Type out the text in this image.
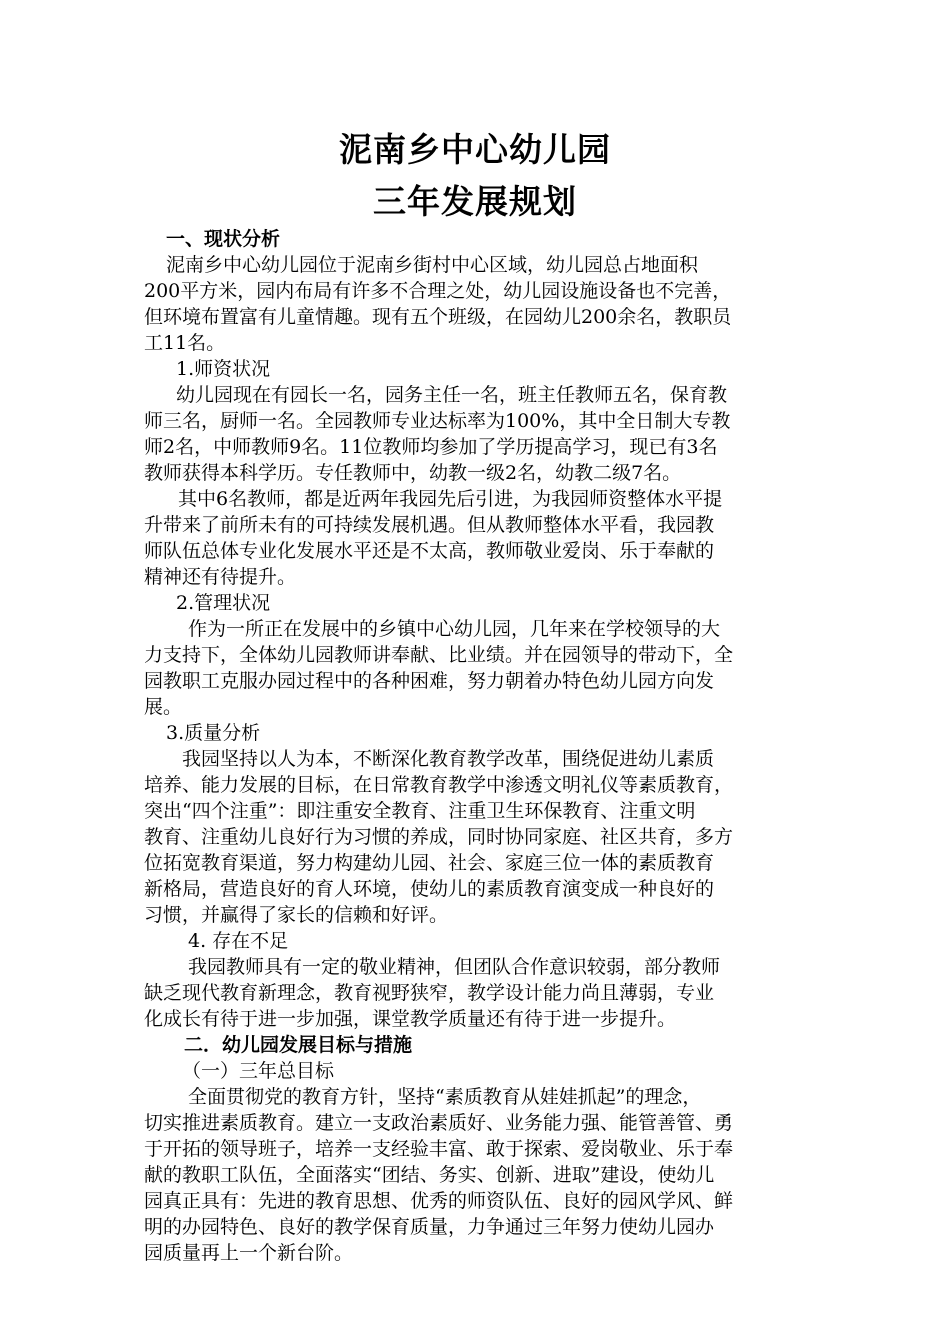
泥南乡中心幼儿园
三年发展规划
一、现状分析
泥南乡中心幼儿园位于泥南乡街村中心区域，幼儿园总占地面积
200平方米，园内布局有许多不合理之处，幼儿园设施设备也不完善，
但环境布置富有儿童情趣。现有五个班级，在园幼儿200余名，教职员
工11名。
1.师资状况
幼儿园现在有园长一名，园务主任一名，班主任教师五名，保育教
师三名，厨师一名。全园教师专业达标率为100%，其中全日制大专教
师2名，中师教师9名。11位教师均参加了学历提高学习，现已有3名
教师获得本科学历。专任教师中，幼教一级2名，幼教二级7名。
其中6名教师，都是近两年我园先后引进，为我园师资整体水平提
升带来了前所未有的可持续发展机遇。但从教师整体水平看，我园教
师队伍总体专业化发展水平还是不太高，教师敬业爱岗、乐于奉献的
精神还有待提升。
2.管理状况
作为一所正在发展中的乡镇中心幼儿园，几年来在学校领导的大
力支持下，全体幼儿园教师讲奉献、比业绩。并在园领导的带动下，全
园教职工克服办园过程中的各种困难，努力朝着办特色幼儿园方向发
展。
3.质量分析
我园坚持以人为本，不断深化教育教学改革，围绕促进幼儿素质
培养、能力发展的目标，在日常教育教学中渗透文明礼仪等素质教育，
突出“四个注重”：即注重安全教育、注重卫生环保教育、注重文明
教育、注重幼儿良好行为习惯的养成，同时协同家庭、社区共育，多方
位拓宽教育渠道，努力构建幼儿园、社会、家庭三位一体的素质教育
新格局，营造良好的育人环境，使幼儿的素质教育演变成一种良好的
习惯，并赢得了家长的信赖和好评。
4. 存在不足
我园教师具有一定的敬业精神，但团队合作意识较弱，部分教师
缺乏现代教育新理念，教育视野狭窄，教学设计能力尚且薄弱，专业
化成长有待于进一步加强，课堂教学质量还有待于进一步提升。
二．幼儿园发展目标与措施
（一）三年总目标
全面贯彻党的教育方针，坚持“素质教育从娃娃抓起”的理念，
切实推进素质教育。建立一支政治素质好、业务能力强、能管善管、勇
于开拓的领导班子，培养一支经验丰富、敢于探索、爱岗敬业、乐于奉
献的教职工队伍，全面落实“团结、务实、创新、进取”建设，使幼儿
园真正具有：先进的教育思想、优秀的师资队伍、良好的园风学风、鲜
明的办园特色、良好的教学保育质量，力争通过三年努力使幼儿园办
园质量再上一个新台阶。
